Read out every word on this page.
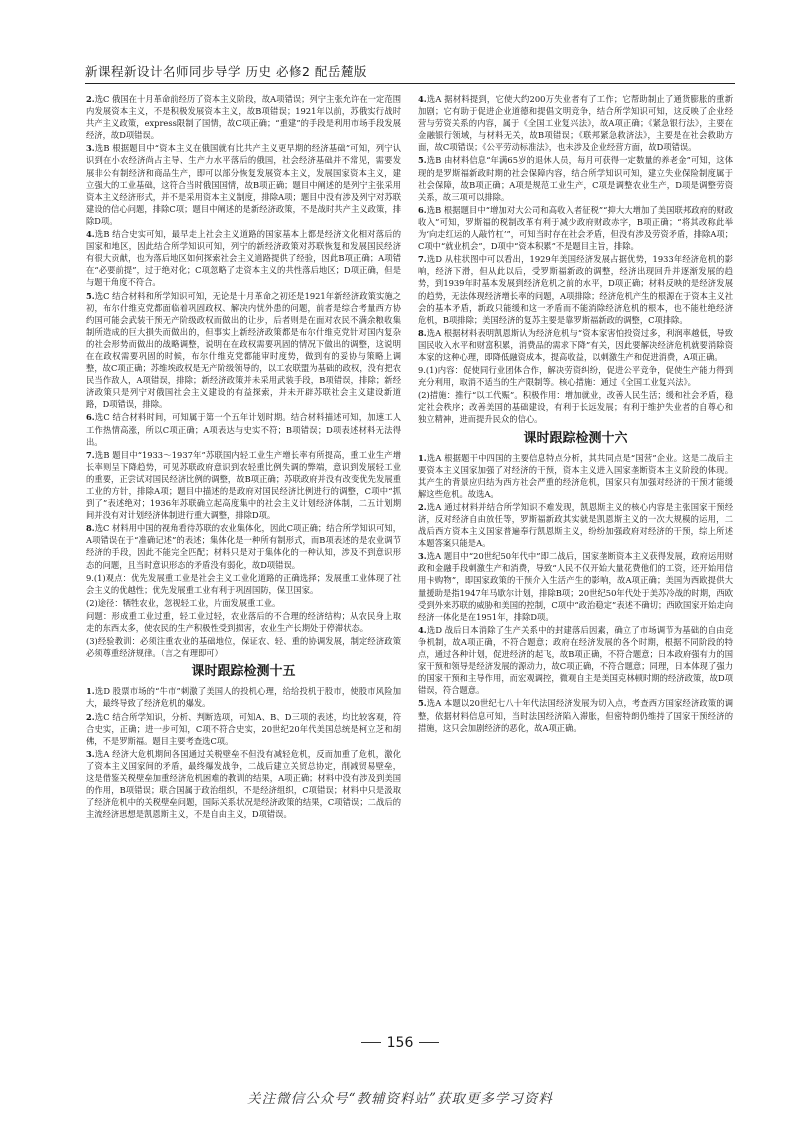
新课程新设计名师同步导学 历史 必修2 配岳麓版
2.选C 俄国在十月革命前经历了资本主义阶段，故A项错误；列宁主张允许在一定范围内发展资本主义，不是积极发展资本主义，故B项错误；1921年以前，苏俄实行战时共产主义政策，express限制了国情，故C项正确；“重建”的手段是利用市场手段发展经济，故D项错误。
3.选B 根据题目中“资本主义在俄国就有比共产主义更早期的经济基础”可知，列宁认识到在小农经济尚占主导、生产力水平落后的俄国，社会经济基础并不常见，需要发展非公有制经济和商品生产，即可以部分恢复发展资本主义，发展国家资本主义，建立强大的工业基础，这符合当时俄国国情，故B项正确；题目中阐述的是列宁主张采用资本主义经济形式，并不是采用资本主义制度，排除A项；题目中没有涉及列宁对苏联建设的信心问题，排除C项；题目中阐述的是新经济政策，不是战时共产主义政策，排除D项。
4.选B 结合史实可知，最早走上社会主义道路的国家基本上都是经济文化相对落后的国家和地区，因此结合所学知识可知，列宁的新经济政策对苏联恢复和发展国民经济有很大贡献，也为落后地区如何探索社会主义道路提供了经验，因此B项正确；A项错在“必要前提”，过于绝对化；C项忽略了走资本主义的共性落后地区；D项正确，但是与题干角度不符合。
5.选C 结合材料和所学知识可知，无论是十月革命之初还是1921年新经济政策实施之初，布尔什维克党都面临着巩固政权、解决内忧外患的问题，前者是综合考量西方协约国可能会武装干预无产阶级政权而做出的让步，后者则是在面对农民不满余粮收集制所造成的巨大損失而做出的，但事实上新经济政策都是布尔什维克党针对国内复杂的社会形势而做出的战略调整，说明在在政权需要巩固的情况下做出的调整，这说明在在政权需要巩固的时候，布尔什维克党都能审时度势，做到有的妥协与策略上调整，故C项正确；苏维埃政权是无产阶级领导的，以工农联盟为基础的政权，没有把农民当作敌人，A项错误，排除；新经济政策并未采用武装手段，B项错误，排除；新经济政策只是列宁对俄国社会主义建设的有益探索，并未开辟苏联社会主义建设新道路，D项错误，排除。
6.选C 结合材料时间，可知属于第一个五年计划时期。结合材料描述可知，加速工人工作热情高涨，所以C项正确；A项表达与史实不符；B项错误；D项表述材料无法得出。
7.选B 题目中“1933～1937年”苏联国内轻工业生产增长率有所提高，重工业生产增长率则呈下降趋势，可见苏联政府意识到农轻重比例失调的弊端，意识到发展轻工业的重要，正尝试对国民经济比例的调整，故B项正确；苏联政府并没有改变优先发展重工业的方针，排除A项；题目中描述的是政府对国民经济比例进行的调整，C项中“抓到了”表述绝对；1936年苏联确立起高度集中的社会主义计划经济体制，二五计划期间并没有对计划经济体制进行重大调整，排除D项。
8.选C 材料用中国的视角看待苏联的农业集体化，因此C项正确；结合所学知识可知，A项错误在于“准确记述”的表述；集体化是一种所有制形式，而B项表述的是农业调节经济的手段，因此不能完全匹配；材料只是对于集体化的一种认知，涉及不到意识形态的问题，且当时意识形态的矛盾没有弱化，故D项错误。
9.(1)观点：优先发展重工业是社会主义工业化道路的正确选择；发展重工业体现了社会主义的优越性；优先发展重工业有利于巩固国防，保卫国家。
(2)途径：牺牲农业，忽视轻工业，片面发展重工业。
问题：形成重工业过重，轻工业过轻，农业落后的不合理的经济结构；从农民身上取走的东西太多，使农民的生产积极性受到损害，农业生产长期处于停滞状态。
(3)经验教训：必须注重农业的基础地位，保证农、轻、重的协调发展，制定经济政策必须尊重经济规律。（言之有理即可）
课时跟踪检测十五
1.选D 股票市场的“牛市”刺激了美国人的投机心理，给给投机于股市，使股市风险加大，最终导致了经济危机的爆发。
2.选C 结合所学知识，分析、判断选项，可知A、B、D三项的表述，均比较客观，符合史实，正确；进一步可知，C项不符合史实，20世纪20年代美国总统是柯立芝和胡佛，不是罗斯福。题目主要考查选C项。
3.选A 经济大危机期间各国通过关税壁垒不但没有减轻危机，反而加重了危机，激化了资本主义国家间的矛盾，最终爆发战争，二战后建立关贸总协定，削减贸易壁垒，这是借鉴关税壁垒加重经济危机困难的教训的结果，A项正确；材料中没有涉及到美国的作用，B项错误；联合国属于政治组织，不是经济组织，C项错误；材料中只是汲取了经济危机中的关税壁垒问题，国际关系状况是经济政策的结果，C项错误；二战后的主流经济思想是凯恩斯主义，不是自由主义，D项错误。
4.选A 据材料提到，它使大约200万失业者有了工作；它帮助制止了通货膨胀的重新加剧；它有助于促进企业道德和提倡文明竞争，结合所学知识可知，这反映了企业经营与劳资关系的内容，属于《全国工业复兴法》，故A项正确；《紧急银行法》，主要在金融银行领域，与材料无关，故B项错误；《联邦紧急救济法》，主要是在社会救助方面，故C项错误；《公平劳动标准法》，也未涉及企业经营方面，故D项错误。
5.选B 由材料信息“年满65岁的退休人员，每月可获得一定数量的养老金”可知，这体现的是罗斯福新政时期的社会保障内容，结合所学知识可知，建立失业保险制度属于社会保障，故B项正确；A项是规范工业生产，C项是调整农业生产，D项是调整劳资关系，故三项可以排除。
6.选B 根据题目中“增加对大公司和高收入者征税”“抑大大增加了美国联邦政府的财政收入”可知，罗斯福的税制改革有利于减少政府财政赤字，B项正确；“将其改称此举为‘向走红运的人敲竹杠’”，可知当时存在社会矛盾，但没有涉及劳资矛盾，排除A项；C项中“就业机会”，D项中“资本积累”不是题目主旨，排除。
7.选D 从柱状图中可以看出，1929年美国经济发展占据优势，1933年经济危机的影响，经济下滑，但从此以后，受罗斯福新政的调整，经济出现回升并逐渐发展的趋势，到1939年时基本发展到经济危机之前的水平，D项正确；材料反映的是经济发展的趋势，无法体现经济增长率的问题，A项排除；经济危机产生的根源在于资本主义社会的基本矛盾，新政只能缓和这一矛盾而不能消除经济危机的根本，也不能杜绝经济危机，B项排除；美国经济的复苏主要是靠罗斯福新政的调整，C项排除。
8.选A 根据材料表明凯恩斯认为经济危机与“资本家害怕投资过多，利润率越低，导致国民收入水平和财富积累，消费品的需求下降”有关，因此要解决经济危机就要消除资本家的这种心理，即降低融资成本，提高收益，以刺激生产和促进消费，A项正确。
9.(1)内容：促使同行业团体合作，解决劳资纠纷，促进公平竞争，促使生产能力得到充分利用，取消不适当的生产限制等。核心措施：通过《全国工业复兴法》。
(2)措施：推行“以工代赈”。积极作用：增加就业，改善人民生活；缓和社会矛盾，稳定社会秩序；改善美国的基础建设，有利于长远发展；有利于维护失业者的自尊心和独立精神，进而提升民众的信心。
课时跟踪检测十六
1.选A 根据题干中四国的主要信息特点分析，其共同点是“国营”企业。这是二战后主要资本主义国家加强了对经济的干预，资本主义进入国家垄断资本主义阶段的体现。其产生的背景应归结为西方社会严重的经济危机，国家只有加强对经济的干预才能缓解这些危机。故选A。
2.选A 通过材料并结合所学知识不难发现，凯恩斯主义的核心内容是主张国家干预经济，反对经济自由放任等，罗斯福新政其实就是凯恩斯主义的一次大规模的运用，二战后西方资本主义国家普遍奉行凯恩斯主义，纷纷加强政府对经济的干预，综上所述本题答案只能是A。
3.选A 题目中“20世纪50年代中”即二战后，国家垄断资本主义获得发展，政府运用财政和金融手段刺激生产和消费，导致“人民不仅开始大量花费他们的工资，还开始用信用卡购物”，即国家政策的干预介入生活产生的影响，故A项正确；美国为西欧提供大量援助是指1947年马歇尔计划，排除B项；20世纪50年代处于美苏冷战的时期，西欧受到外来苏联的威胁和美国的控制，C项中“政治稳定”表述不确切；西欧国家开始走向经济一体化是在1951年，排除D项。
4.选D 战后日本消除了生产关系中的封建落后因素，确立了市场调节为基础的自由竞争机制，故A项正确，不符合题意；政府在经济发展的各个时期，根据不同阶段的特点，通过各种计划，促进经济的起飞，故B项正确，不符合题意；日本政府强有力的国家干预和领导是经济发展的源动力，故C项正确，不符合题意；同理，日本体现了强力的国家干预和主导作用，而宏观调控，微观自主是美国克林顿时期的经济政策，故D项错误，符合题意。
5.选A 本题以20世纪七八十年代法国经济发展为切入点，考查西方国家经济政策的调整，依据材料信息可知，当时法国经济陷入滞胀，但密特朗仍维持了国家干预经济的措施，这只会加剧经济的恶化，故A项正确。
156
关注微信公众号“教辅资料站”获取更多学习资料
